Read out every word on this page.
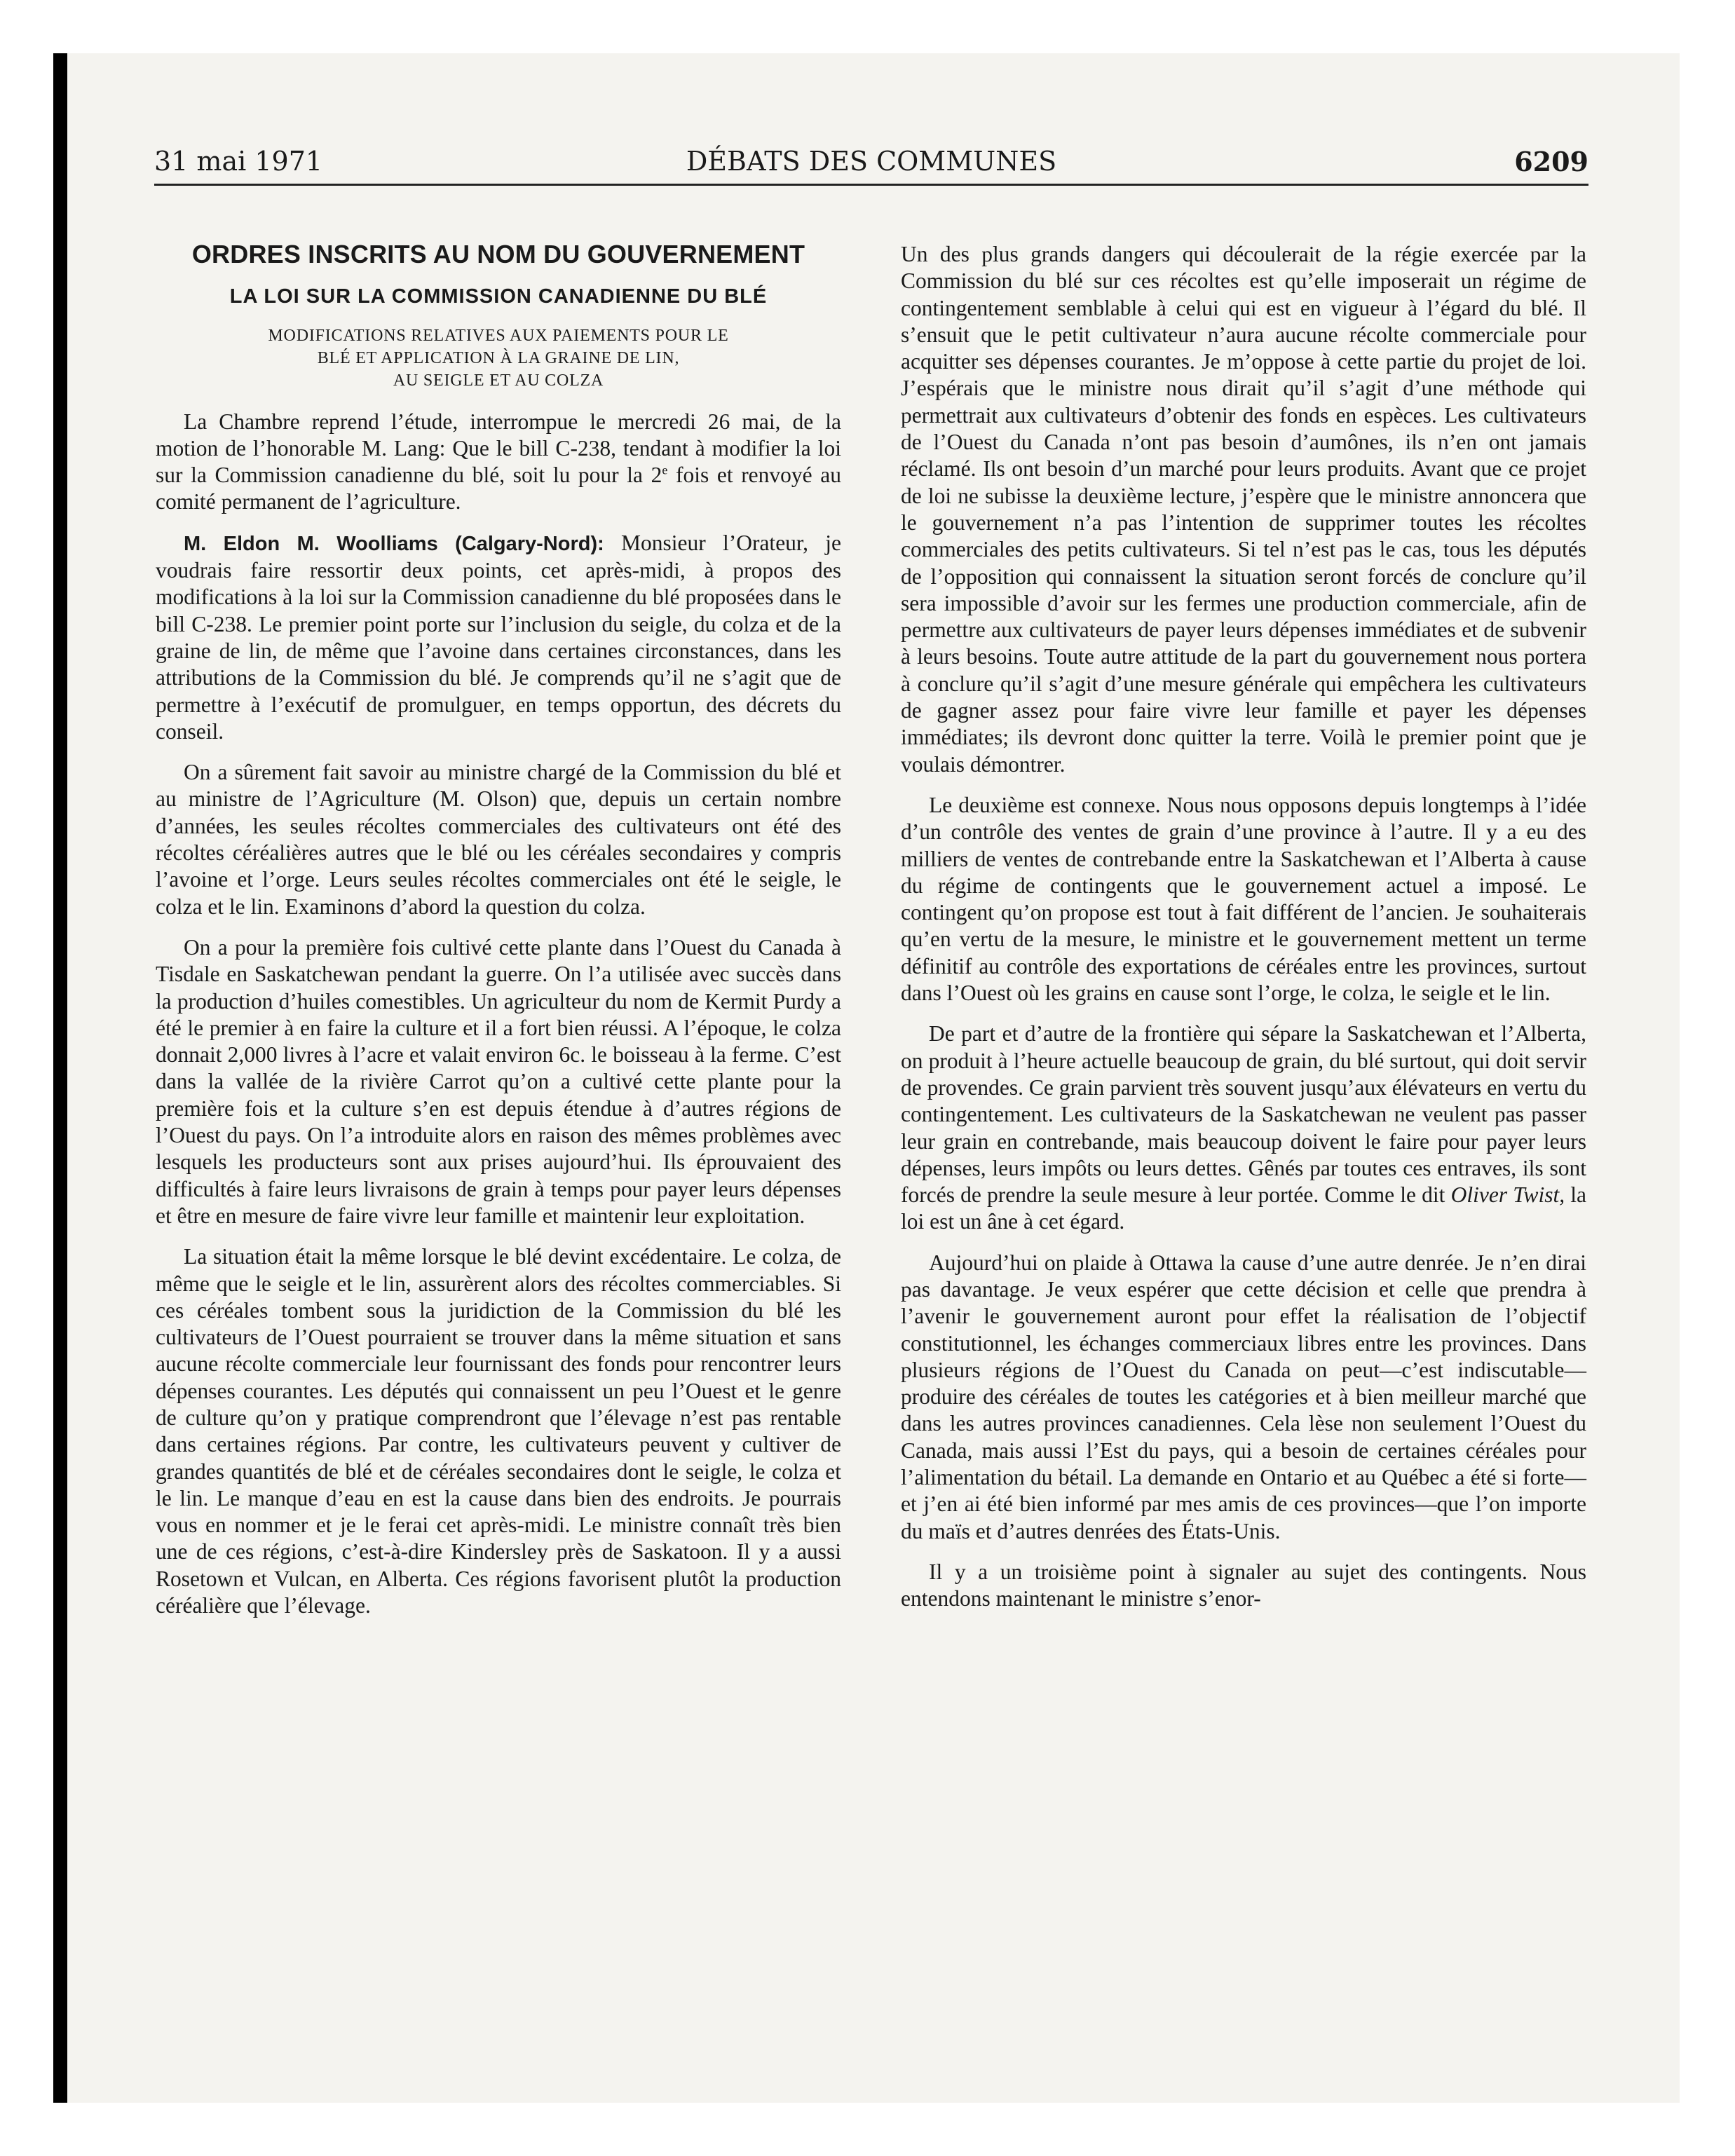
31 mai 1971	DÉBATS DES COMMUNES	6209
ORDRES INSCRITS AU NOM DU GOUVERNEMENT
LA LOI SUR LA COMMISSION CANADIENNE DU BLÉ
MODIFICATIONS RELATIVES AUX PAIEMENTS POUR LE
BLÉ ET APPLICATION À LA GRAINE DE LIN,
AU SEIGLE ET AU COLZA

La Chambre reprend l’étude, interrompue le mercredi 26 mai, de la motion de l’honorable M. Lang: Que le bill C-238, tendant à modifier la loi sur la Commission canadienne du blé, soit lu pour la 2e fois et renvoyé au comité permanent de l’agriculture.

M. Eldon M. Woolliams (Calgary-Nord): Monsieur l’Orateur, je voudrais faire ressortir deux points, cet après-midi, à propos des modifications à la loi sur la Commission canadienne du blé proposées dans le bill C-238. Le premier point porte sur l’inclusion du seigle, du colza et de la graine de lin, de même que l’avoine dans certaines circonstances, dans les attributions de la Commission du blé. Je comprends qu’il ne s’agit que de permettre à l’exécutif de promulguer, en temps opportun, des décrets du conseil.

On a sûrement fait savoir au ministre chargé de la Commission du blé et au ministre de l’Agriculture (M. Olson) que, depuis un certain nombre d’années, les seules récoltes commerciales des cultivateurs ont été des récoltes céréalières autres que le blé ou les céréales secondaires y compris l’avoine et l’orge. Leurs seules récoltes commerciales ont été le seigle, le colza et le lin. Examinons d’abord la question du colza.

On a pour la première fois cultivé cette plante dans l’Ouest du Canada à Tisdale en Saskatchewan pendant la guerre. On l’a utilisée avec succès dans la production d’huiles comestibles. Un agriculteur du nom de Kermit Purdy a été le premier à en faire la culture et il a fort bien réussi. A l’époque, le colza donnait 2,000 livres à l’acre et valait environ 6c. le boisseau à la ferme. C’est dans la vallée de la rivière Carrot qu’on a cultivé cette plante pour la première fois et la culture s’en est depuis étendue à d’autres régions de l’Ouest du pays. On l’a introduite alors en raison des mêmes problèmes avec lesquels les producteurs sont aux prises aujourd’hui. Ils éprouvaient des difficultés à faire leurs livraisons de grain à temps pour payer leurs dépenses et être en mesure de faire vivre leur famille et maintenir leur exploitation.

La situation était la même lorsque le blé devint excédentaire. Le colza, de même que le seigle et le lin, assurèrent alors des récoltes commerciables. Si ces céréales tombent sous la juridiction de la Commission du blé les cultivateurs de l’Ouest pourraient se trouver dans la même situation et sans aucune récolte commerciale leur fournissant des fonds pour rencontrer leurs dépenses courantes. Les députés qui connaissent un peu l’Ouest et le genre de culture qu’on y pratique comprendront que l’élevage n’est pas rentable dans certaines régions. Par contre, les cultivateurs peuvent y cultiver de grandes quantités de blé et de céréales secondaires dont le seigle, le colza et le lin. Le manque d’eau en est la cause dans bien des endroits. Je pourrais vous en nommer et je le ferai cet après-midi. Le ministre connaît très bien une de ces régions, c’est-à-dire Kindersley près de Saskatoon. Il y a aussi Rosetown et Vulcan, en Alberta. Ces régions favorisent plutôt la production céréalière que l’élevage.

Un des plus grands dangers qui découlerait de la régie exercée par la Commission du blé sur ces récoltes est qu’elle imposerait un régime de contingentement semblable à celui qui est en vigueur à l’égard du blé. Il s’ensuit que le petit cultivateur n’aura aucune récolte commerciale pour acquitter ses dépenses courantes. Je m’oppose à cette partie du projet de loi. J’espérais que le ministre nous dirait qu’il s’agit d’une méthode qui permettrait aux cultivateurs d’obtenir des fonds en espèces. Les cultivateurs de l’Ouest du Canada n’ont pas besoin d’aumônes, ils n’en ont jamais réclamé. Ils ont besoin d’un marché pour leurs produits. Avant que ce projet de loi ne subisse la deuxième lecture, j’espère que le ministre annoncera que le gouvernement n’a pas l’intention de supprimer toutes les récoltes commerciales des petits cultivateurs. Si tel n’est pas le cas, tous les députés de l’opposition qui connaissent la situation seront forcés de conclure qu’il sera impossible d’avoir sur les fermes une production commerciale, afin de permettre aux cultivateurs de payer leurs dépenses immédiates et de subvenir à leurs besoins. Toute autre attitude de la part du gouvernement nous portera à conclure qu’il s’agit d’une mesure générale qui empêchera les cultivateurs de gagner assez pour faire vivre leur famille et payer les dépenses immédiates; ils devront donc quitter la terre. Voilà le premier point que je voulais démontrer.

Le deuxième est connexe. Nous nous opposons depuis longtemps à l’idée d’un contrôle des ventes de grain d’une province à l’autre. Il y a eu des milliers de ventes de contrebande entre la Saskatchewan et l’Alberta à cause du régime de contingents que le gouvernement actuel a imposé. Le contingent qu’on propose est tout à fait différent de l’ancien. Je souhaiterais qu’en vertu de la mesure, le ministre et le gouvernement mettent un terme définitif au contrôle des exportations de céréales entre les provinces, surtout dans l’Ouest où les grains en cause sont l’orge, le colza, le seigle et le lin.

De part et d’autre de la frontière qui sépare la Saskatchewan et l’Alberta, on produit à l’heure actuelle beaucoup de grain, du blé surtout, qui doit servir de provendes. Ce grain parvient très souvent jusqu’aux élévateurs en vertu du contingentement. Les cultivateurs de la Saskatchewan ne veulent pas passer leur grain en contrebande, mais beaucoup doivent le faire pour payer leurs dépenses, leurs impôts ou leurs dettes. Gênés par toutes ces entraves, ils sont forcés de prendre la seule mesure à leur portée. Comme le dit Oliver Twist, la loi est un âne à cet égard.

Aujourd’hui on plaide à Ottawa la cause d’une autre denrée. Je n’en dirai pas davantage. Je veux espérer que cette décision et celle que prendra à l’avenir le gouvernement auront pour effet la réalisation de l’objectif constitutionnel, les échanges commerciaux libres entre les provinces. Dans plusieurs régions de l’Ouest du Canada on peut—c’est indiscutable—produire des céréales de toutes les catégories et à bien meilleur marché que dans les autres provinces canadiennes. Cela lèse non seulement l’Ouest du Canada, mais aussi l’Est du pays, qui a besoin de certaines céréales pour l’alimentation du bétail. La demande en Ontario et au Québec a été si forte—et j’en ai été bien informé par mes amis de ces provinces—que l’on importe du maïs et d’autres denrées des États-Unis.

Il y a un troisième point à signaler au sujet des contingents. Nous entendons maintenant le ministre s’enor-
